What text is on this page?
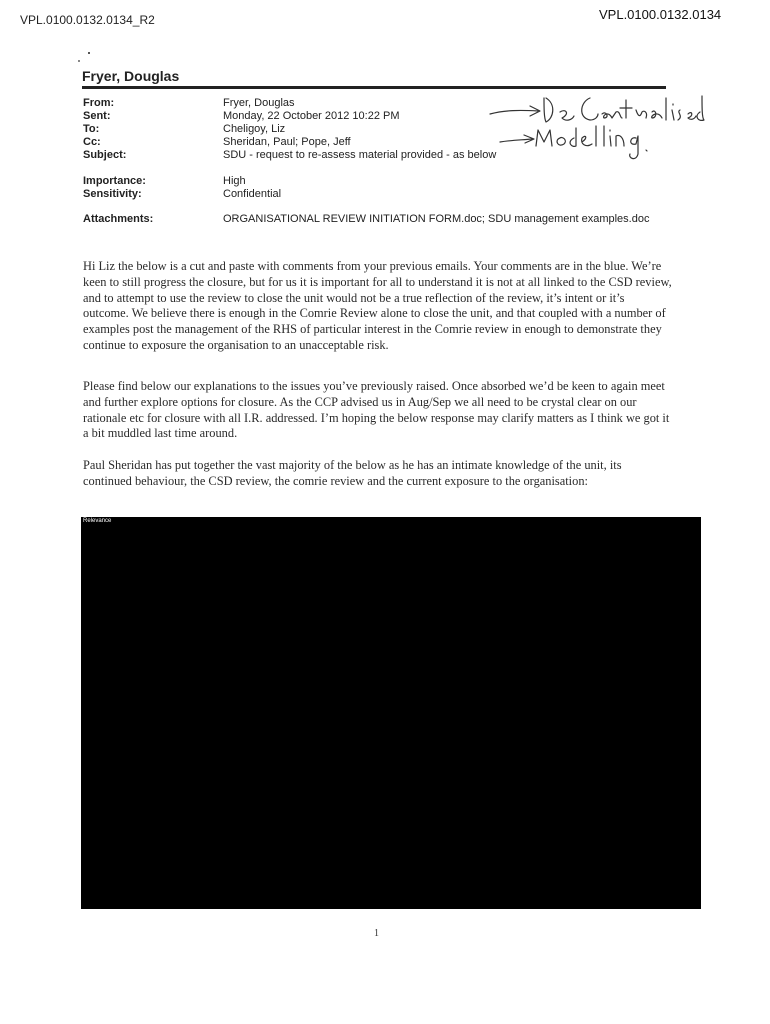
VPL.0100.0132.0134_R2	VPL.0100.0132.0134
Fryer, Douglas
From:	Fryer, Douglas
Sent:	Monday, 22 October 2012 10:22 PM
To:	Cheligoy, Liz
Cc:	Sheridan, Paul; Pope, Jeff
Subject:	SDU - request to re-assess material provided - as below
Importance:	High
Sensitivity:	Confidential
Attachments:	ORGANISATIONAL REVIEW INITIATION FORM.doc; SDU management examples.doc

Hi Liz the below is a cut and paste with comments from your previous emails. Your comments are in the blue. We’re keen to still progress the closure, but for us it is important for all to understand it is not at all linked to the CSD review, and to attempt to use the review to close the unit would not be a true reflection of the review, it’s intent or it’s outcome. We believe there is enough in the Comrie Review alone to close the unit, and that coupled with a number of examples post the management of the RHS of particular interest in the Comrie review in enough to demonstrate they continue to exposure the organisation to an unacceptable risk.

Please find below our explanations to the issues you’ve previously raised. Once absorbed we’d be keen to again meet and further explore options for closure. As the CCP advised us in Aug/Sep we all need to be crystal clear on our rationale etc for closure with all I.R. addressed. I’m hoping the below response may clarify matters as I think we got it a bit muddled last time around.

Paul Sheridan has put together the vast majority of the below as he has an intimate knowledge of the unit, its continued behaviour, the CSD review, the comrie review and the current exposure to the organisation:

Relevance
1
